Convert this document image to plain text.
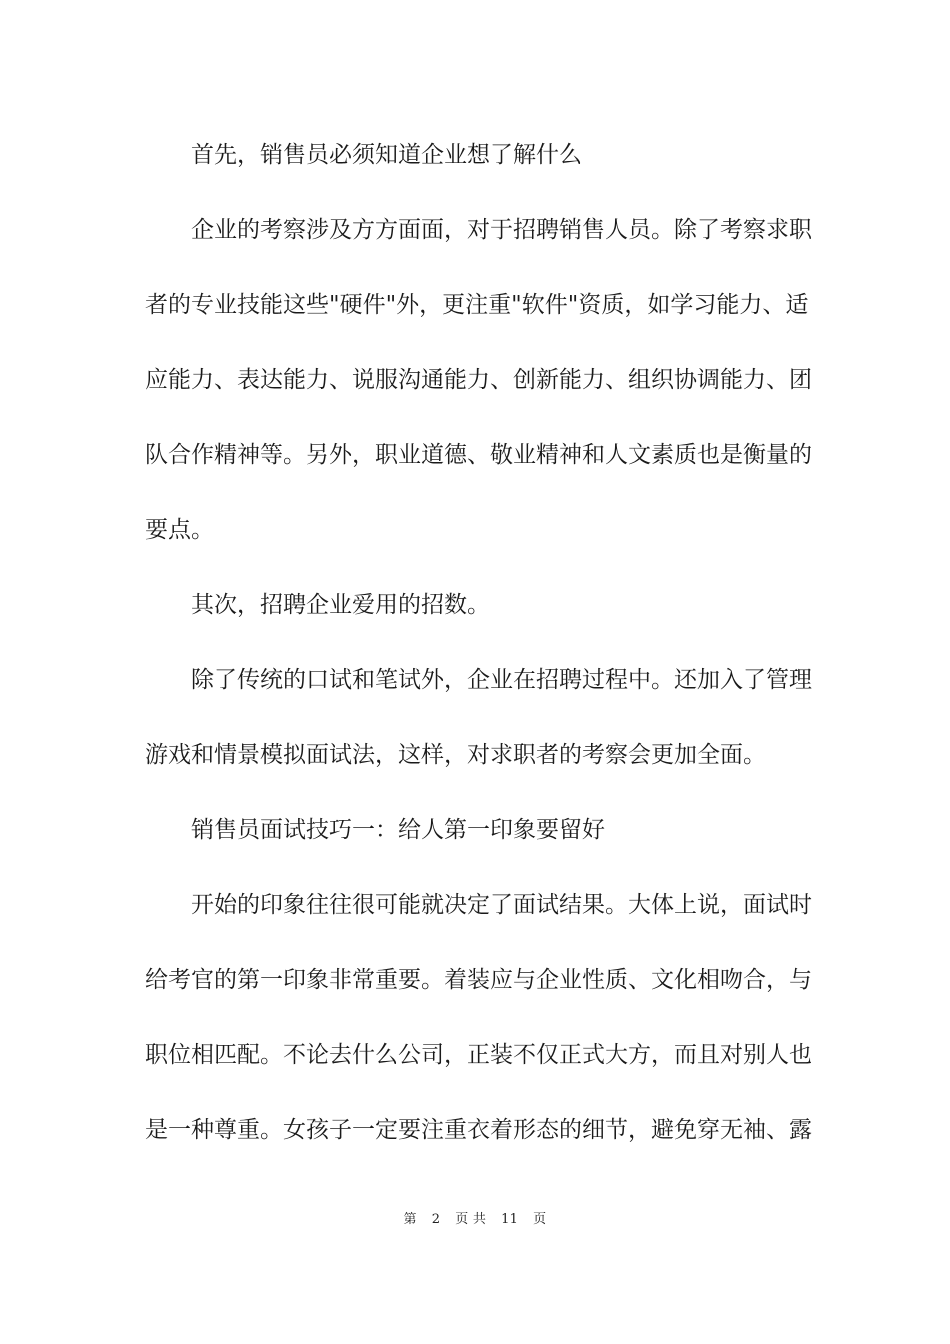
首先，销售员必须知道企业想了解什么
企业的考察涉及方方面面，对于招聘销售人员。除了考察求职
者的专业技能这些"硬件"外，更注重"软件"资质，如学习能力、适
应能力、表达能力、说服沟通能力、创新能力、组织协调能力、团
队合作精神等。另外，职业道德、敬业精神和人文素质也是衡量的
要点。
其次，招聘企业爱用的招数。
除了传统的口试和笔试外，企业在招聘过程中。还加入了管理
游戏和情景模拟面试法，这样，对求职者的考察会更加全面。
销售员面试技巧一：给人第一印象要留好
开始的印象往往很可能就决定了面试结果。大体上说，面试时
给考官的第一印象非常重要。着装应与企业性质、文化相吻合，与
职位相匹配。不论去什么公司，正装不仅正式大方，而且对别人也
是一种尊重。女孩子一定要注重衣着形态的细节，避免穿无袖、露
第 2 页 共 11 页
